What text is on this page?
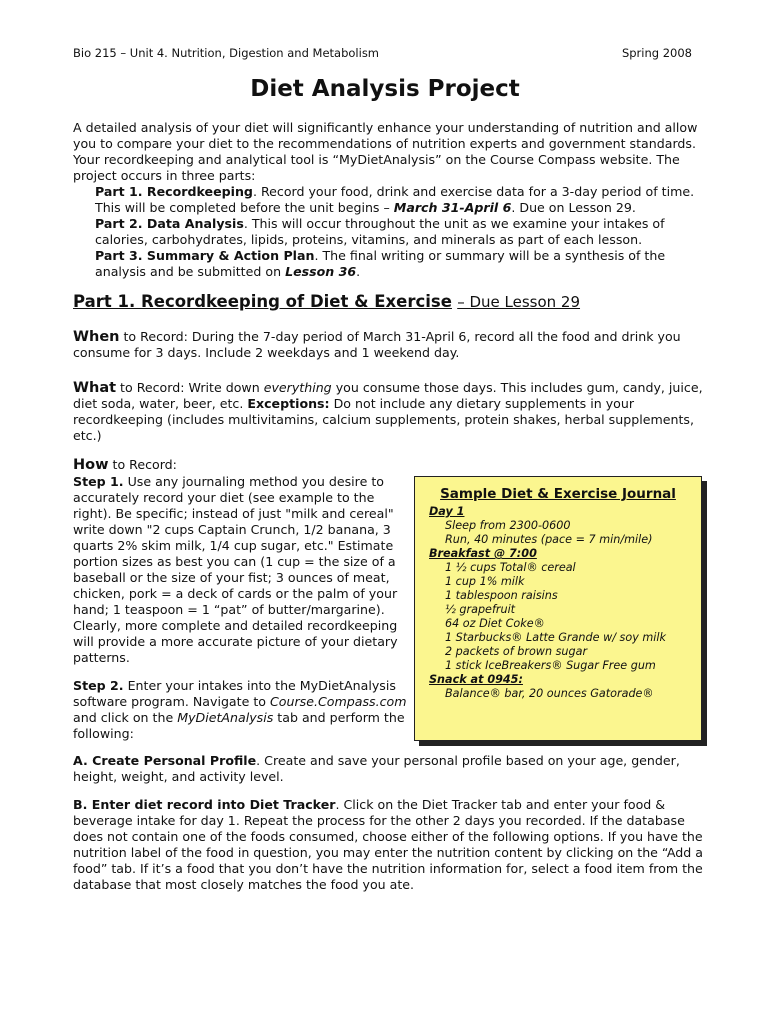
Bio 215 – Unit 4. Nutrition, Digestion and Metabolism	Spring 2008
Diet Analysis Project
A detailed analysis of your diet will significantly enhance your understanding of nutrition and allow you to compare your diet to the recommendations of nutrition experts and government standards. Your recordkeeping and analytical tool is “MyDietAnalysis” on the Course Compass website. The project occurs in three parts:
Part 1. Recordkeeping. Record your food, drink and exercise data for a 3-day period of time. This will be completed before the unit begins – March 31-April 6. Due on Lesson 29.
Part 2. Data Analysis. This will occur throughout the unit as we examine your intakes of calories, carbohydrates, lipids, proteins, vitamins, and minerals as part of each lesson.
Part 3. Summary & Action Plan. The final writing or summary will be a synthesis of the analysis and be submitted on Lesson 36.
Part 1. Recordkeeping of Diet & Exercise – Due Lesson 29
When to Record: During the 7-day period of March 31-April 6, record all the food and drink you consume for 3 days. Include 2 weekdays and 1 weekend day.
What to Record: Write down everything you consume those days. This includes gum, candy, juice, diet soda, water, beer, etc. Exceptions: Do not include any dietary supplements in your recordkeeping (includes multivitamins, calcium supplements, protein shakes, herbal supplements, etc.)
How to Record:
Step 1. Use any journaling method you desire to accurately record your diet (see example to the right). Be specific; instead of just "milk and cereal" write down "2 cups Captain Crunch, 1/2 banana, 3 quarts 2% skim milk, 1/4 cup sugar, etc." Estimate portion sizes as best you can (1 cup = the size of a baseball or the size of your fist; 3 ounces of meat, chicken, pork = a deck of cards or the palm of your hand; 1 teaspoon = 1 “pat” of butter/margarine). Clearly, more complete and detailed recordkeeping will provide a more accurate picture of your dietary patterns.
Step 2. Enter your intakes into the MyDietAnalysis software program. Navigate to Course.Compass.com and click on the MyDietAnalysis tab and perform the following:
Sample Diet & Exercise Journal
Day 1
Sleep from 2300-0600
Run, 40 minutes (pace = 7 min/mile)
Breakfast @ 7:00
1 ½ cups Total® cereal
1 cup 1% milk
1 tablespoon raisins
½ grapefruit
64 oz Diet Coke®
1 Starbucks® Latte Grande w/ soy milk
2 packets of brown sugar
1 stick IceBreakers® Sugar Free gum
Snack at 0945:
Balance® bar, 20 ounces Gatorade®
A. Create Personal Profile. Create and save your personal profile based on your age, gender, height, weight, and activity level.
B. Enter diet record into Diet Tracker. Click on the Diet Tracker tab and enter your food & beverage intake for day 1. Repeat the process for the other 2 days you recorded. If the database does not contain one of the foods consumed, choose either of the following options. If you have the nutrition label of the food in question, you may enter the nutrition content by clicking on the “Add a food” tab. If it’s a food that you don’t have the nutrition information for, select a food item from the database that most closely matches the food you ate.
